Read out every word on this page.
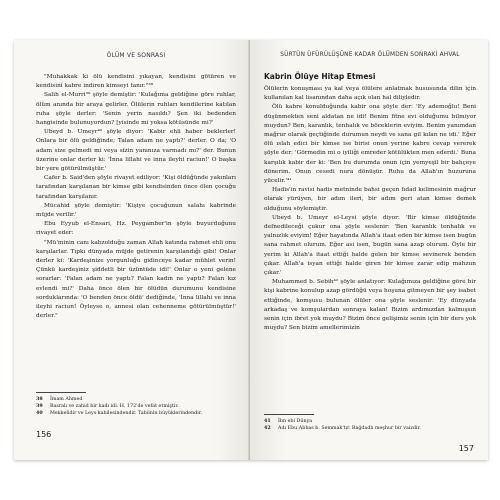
ÖLÜM VE SONRASI

"Muhakkak ki ölü kendisini yıkayan, kendisini götüren ve kendisini kabre indiren kimseyi tanır."³⁸

Salih el-Murri³⁹ şöyle demiştir: 'Kulağıma geldiğine göre ruhlar, ölüm anında bir araya gelirler. Ölülerin ruhları kendilerine katılan ruha şöyle derler: 'Senin yerin nasıldı? Şen iki bedenden hangisinde bulunuyordun? [yisinde mi yoksa kötüsünde mi?'

Ubeyd b. Umeyr⁴⁰ şöyle diyor: 'Kabir ehli haber beklerler! Onlara bir ölü geldiğinde; Talan adam ne yaptı?' derler. O da; 'O adam size gelmedi mi veya sizin yanınıza varmadı mı?' der. Bunun üzerine onlar derler ki: 'İnna lillahi ve inna ileyhi raciun!' O başka bir yere götürülmüştür.'

Cafer b. Said'den şöyle rivayet ediliyor: 'Kişi öldüğünde yakınları tarafından karşılanan bir kimse gibi kendisinden önce ölen çocuğu tarafından karşılanır.

Mücahid şöyle demiştir: 'Kişiye çocuğunun salahı kabrinde müjde verilir.'

Ebu Eyyub el-Ensari, Hz. Peygamber'in şöyle buyurduğunu rivayet eder:

"Mü'minin canı kabzolduğu zaman Allah katında rahmet ehli onu karşılarlar. Tıpkı dünyada müjde getirenin karşılandığı gibi! Onlar derler ki: 'Kardeşinize yorgunluğu gidinceye kadar mühlet verin! Çünkü kardeşiniz şiddetli bir üzüntüde idi!' Onlar o yeni gelene sorarlar: 'Falan adam ne yaptı? Falan kadın ne yaptı? Falan kız evlendi mi?' Daha önce ölen bir ölüdün durumunu kendisine sorduklarında: 'O benden önce öldü' dediğinde, 'İnna lillahi ve inna ileyhi raciun! Öyleyse o, annesi olan cehenneme götürülmüştür!' derler."

38	İmam Ahmed
39	Basralı ve zahid bir kadı idi. H. 172'de vefat etmiştir.
40	Mekkelidir ve Leys kabilesindendir. Tabiinin büyüklerindendir.
156
SÜRTÜN ÜFÜRÜLÜŞÜNE KADAR ÖLÜMDEN SONRAKİ AHVAL
Kabrin Ölüye Hitap Etmesi

Ölülerin konuşması ya kal veya ölülere anlatmak hususunda dilin için kullanılan kal lisanından daha açık olan hal diliyledir.

Ölü kabre konulduğunda kabir ona şöyle der: 'Ey ademoğlu! Beni düşünmekten seni aldatan ne idi! Benim fitne evi olduğumu bilmiyor muydun? Ben, karanlık, tenhalık ve böceklerin eviyim. Benim yanımdan mağrur olarak geçtiğinde durumun neydi ve sana gil kılan ne idi.' Eğer ölü ıslah edici bir kimse ise birisi onun yerine kabre cevap vererek şöyle der: 'Görmedin mi o iyiliği emreder kötülükten men ederdi.' Buna karşılık kabir der ki: 'Ben bu durumda onun için yemyeşil bir bahçeye dönerim. Onun cesedi nura dönüşür. Ruhu da Allah'ın huzuruna yücelir.'⁴¹

Hadis'in ravisi hadis metninde bahsi geçen fıdad kelimesinin mağrur olarak yürüyen, bir adım ileri, bir adım geri atan kimse demek olduğunu söylemiştir.

Ubeyd b. Umeyr el-Leysi şöyle diyor: 'Bir kimse öldüğünde defnedileceği çukur ona şöyle seslenir: 'Ben karanlık tenhalık ve yalnızlık eviyim! Eğer hayatında Allah'a itaat eden bir kimse isen bugün sana rahmet olurum. Eğer asi isen, bugün sana azap olurum. Öyle bir yerim ki Allah'a itaat ettiği halde gelen bir kimse sevinerek benden çıkar. Allah'a isyan ettiği halde giren bir kimse zarar edip mahzun çıkar.'

Muhammed b. Sebih⁴² şöyle anlatıyor: Kulağımıza geldiğine göre bir kişi kabrine konulup azap gördüğü veya hoşuna gitmeyen bir şey isabet ettiğinde, komşusu bulunan ölüler ona şöyle seslenir: 'Ey dünyada arkadaş ve komşulardan sonraya kalan! Bizim ardımızdan kalmışsın senin için ibret yok muydu? Bizim önce gelişimiz senin için bir ders yok muydu? Sen bizim amellerimizin

41	İbn ebi Dünya
42	Adı Ebu Abbas b. Semmak'tır. Bağdadlı meşhur bir vaizdir.
157
